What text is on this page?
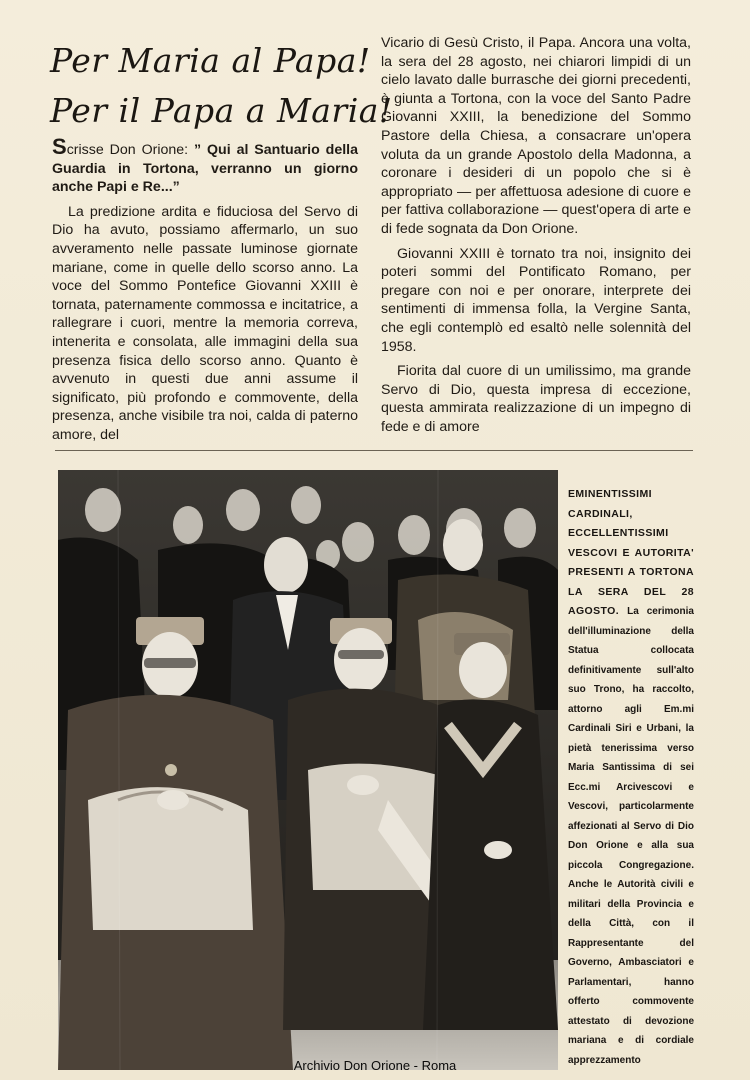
Per Maria al Papa!
Per il Papa a Maria!

Scrisse Don Orione: ” Qui al Santuario della Guardia in Tortona, verranno un giorno anche Papi e Re...”

La predizione ardita e fiduciosa del Servo di Dio ha avuto, possiamo affermarlo, un suo avveramento nelle passate luminose giornate mariane, come in quelle dello scorso anno. La voce del Sommo Pontefice Giovanni XXIII è tornata, paternamente commossa e incitatrice, a rallegrare i cuori, mentre la memoria correva, intenerita e consolata, alle immagini della sua presenza fisica dello scorso anno. Quanto è avvenuto in questi due anni assume il significato, più profondo e commovente, della presenza, anche visibile tra noi, calda di paterno amore, del

Vicario di Gesù Cristo, il Papa. Ancora una volta, la sera del 28 agosto, nei chiarori limpidi di un cielo lavato dalle burrasche dei giorni precedenti, è giunta a Tortona, con la voce del Santo Padre Giovanni XXIII, la benedizione del Sommo Pastore della Chiesa, a consacrare un'opera voluta da un grande Apostolo della Madonna, a coronare i desideri di un popolo che si è appropriato — per affettuosa adesione di cuore e per fattiva collaborazione — quest'opera di arte e di fede sognata da Don Orione.

Giovanni XXIII è tornato tra noi, insignito dei poteri sommi del Pontificato Romano, per pregare con noi e per onorare, interprete dei sentimenti di immensa folla, la Vergine Santa, che egli contemplò ed esaltò nelle solennità del 1958.

Fiorita dal cuore di un umilissimo, ma grande Servo di Dio, questa impresa di eccezione, questa ammirata realizzazione di un impegno di fede e di amore

EMINENTISSIMI CARDINALI, ECCELLENTISSIMI VESCOVI E AUTORITA' PRESENTI A TORTONA LA SERA DEL 28 AGOSTO. La cerimonia dell'illuminazione della Statua collocata definitivamente sull'alto suo Trono, ha raccolto, attorno agli Em.mi Cardinali Siri e Urbani, la pietà tenerissima verso Maria Santissima di sei Ecc.mi Arcivescovi e Vescovi, particolarmente affezionati al Servo di Dio Don Orione e alla sua piccola Congregazione. Anche le Autorità civili e militari della Provincia e della Città, con il Rappresentante del Governo, Ambasciatori e Parlamentari, hanno offerto commovente attestato di devozione mariana e di cordiale apprezzamento
Archivio Don Orione - Roma
